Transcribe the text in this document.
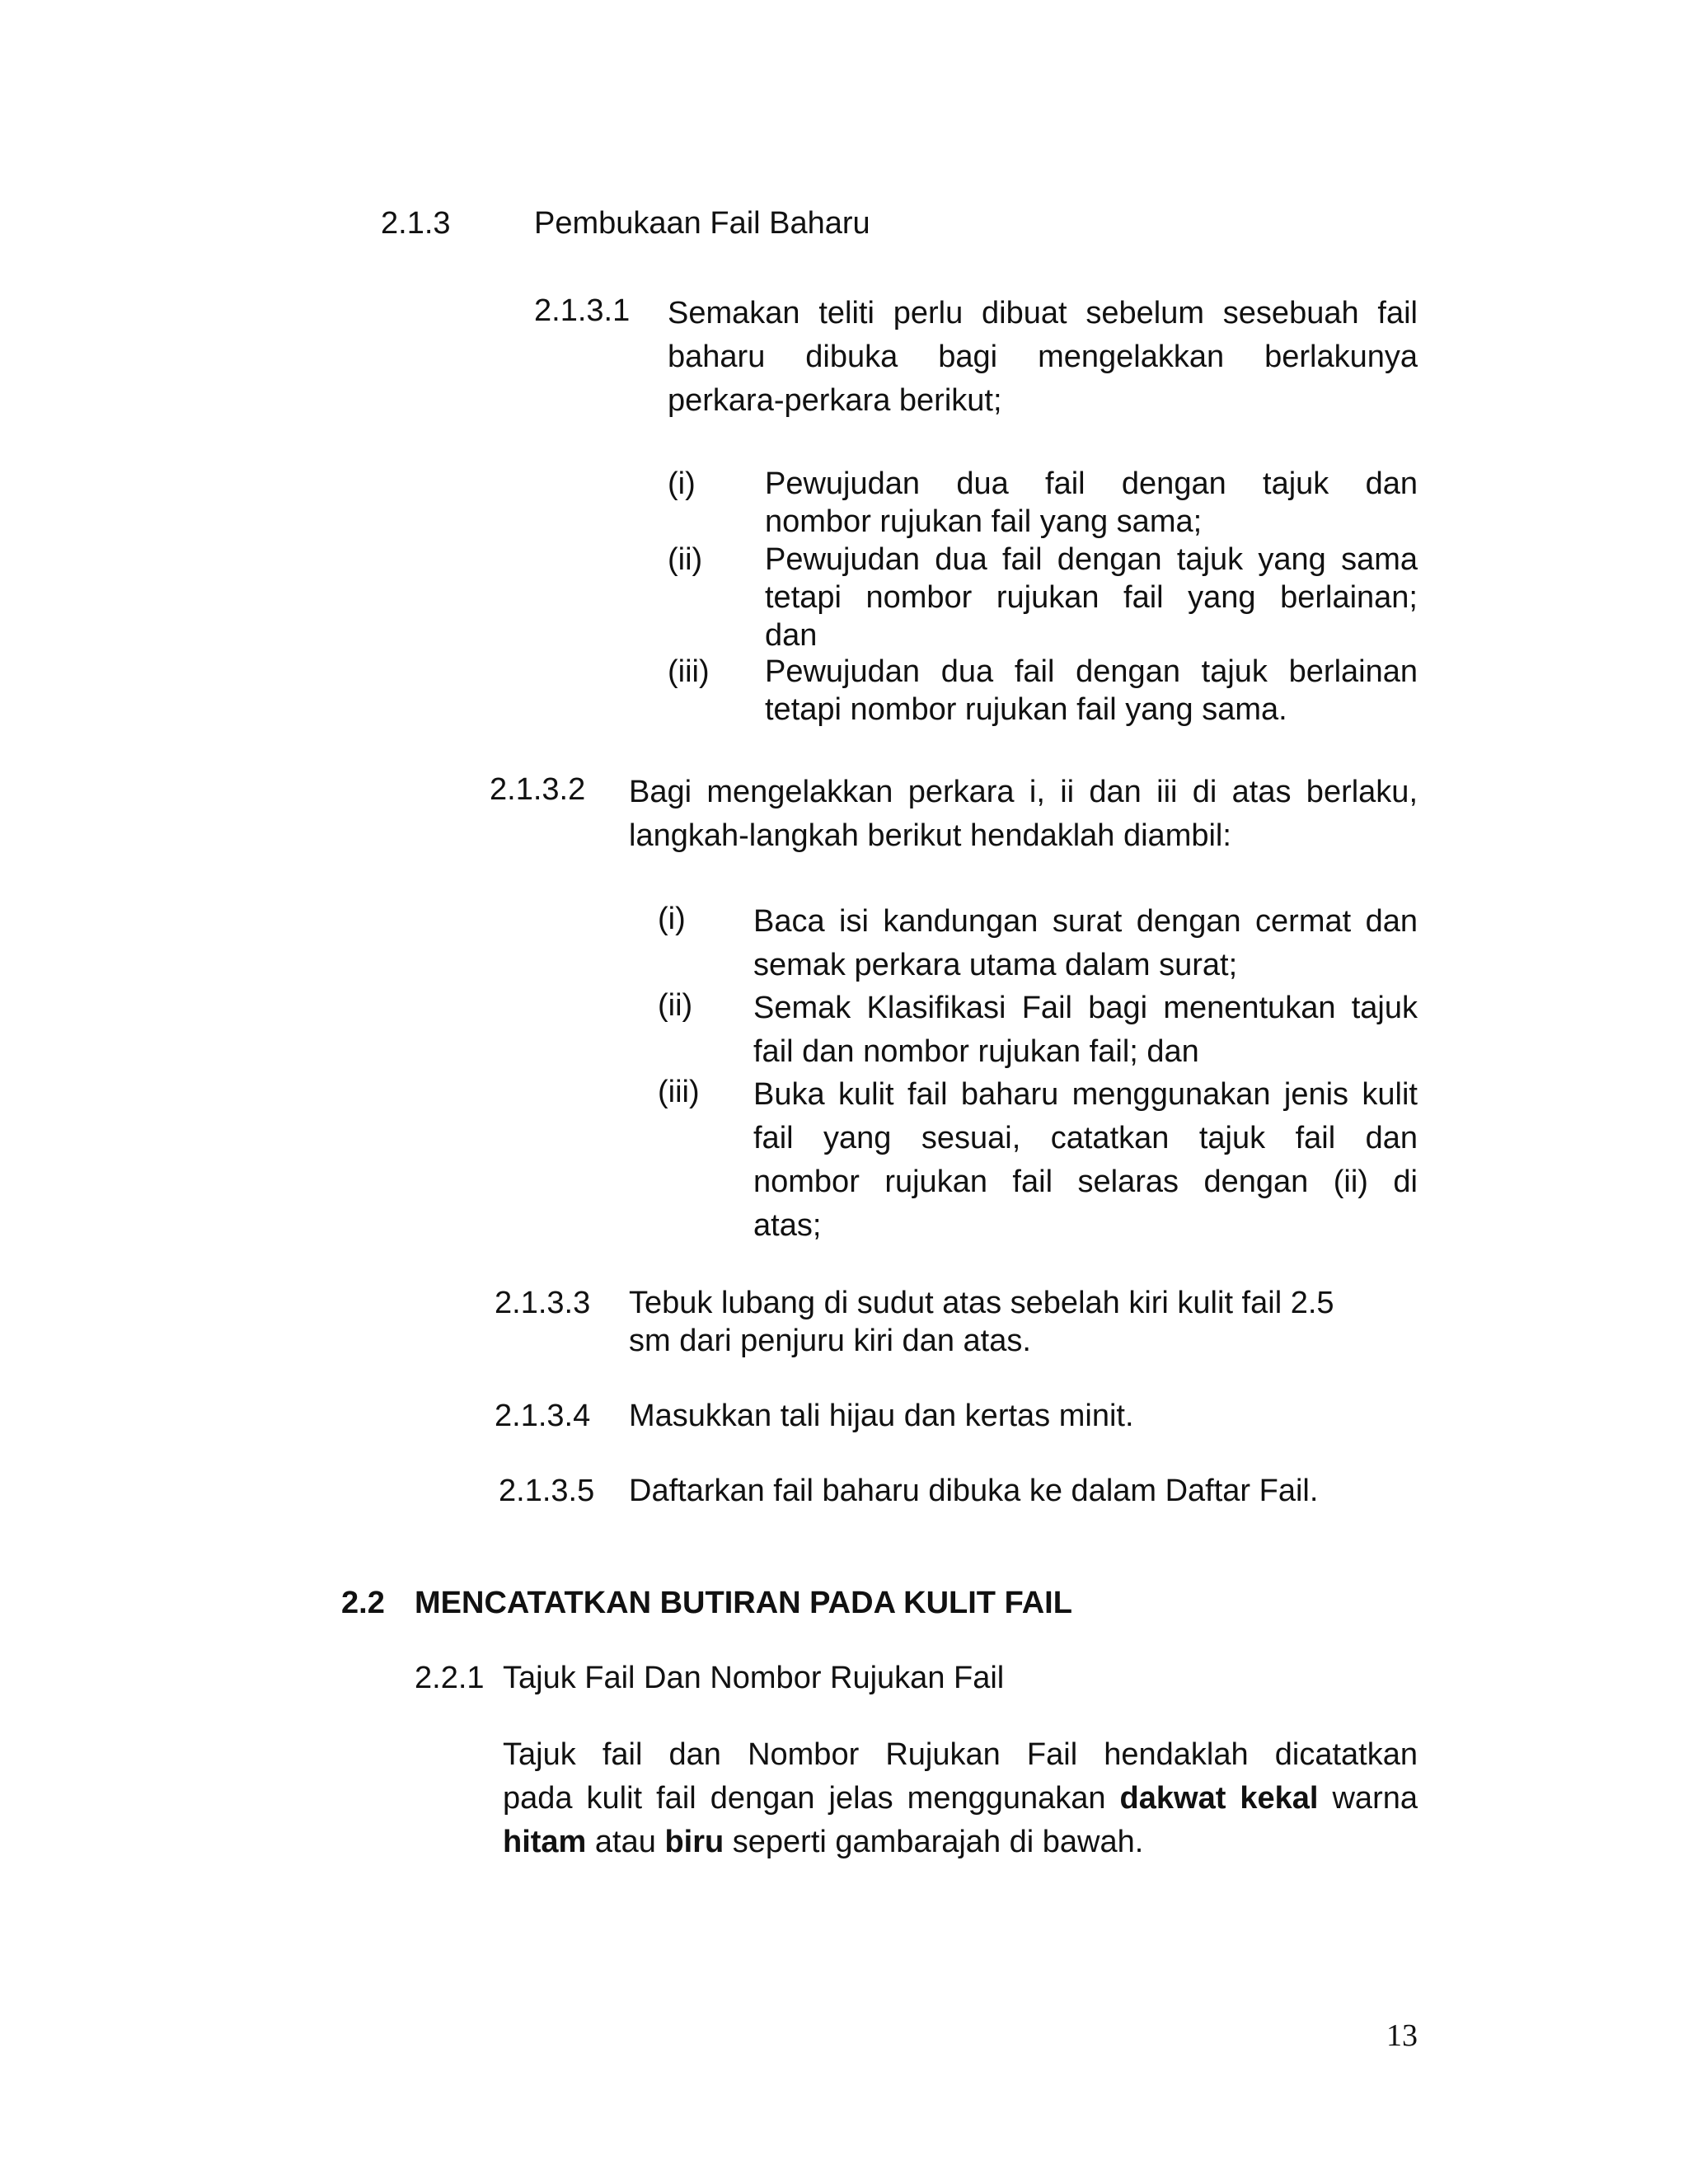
2.1.3	Pembukaan Fail Baharu
2.1.3.1 Semakan teliti perlu dibuat sebelum sesebuah fail
baharu dibuka bagi mengelakkan berlakunya
perkara-perkara berikut;
(i) Pewujudan dua fail dengan tajuk dan
nombor rujukan fail yang sama;
(ii) Pewujudan dua fail dengan tajuk yang sama
tetapi nombor rujukan fail yang berlainan;
dan
(iii) Pewujudan dua fail dengan tajuk berlainan
tetapi nombor rujukan fail yang sama.
2.1.3.2 Bagi mengelakkan perkara i, ii dan iii di atas berlaku,
langkah-langkah berikut hendaklah diambil:
(i) Baca isi kandungan surat dengan cermat dan
semak perkara utama dalam surat;
(ii) Semak Klasifikasi Fail bagi menentukan tajuk
fail dan nombor rujukan fail; dan
(iii) Buka kulit fail baharu menggunakan jenis kulit
fail yang sesuai, catatkan tajuk fail dan
nombor rujukan fail selaras dengan (ii) di
atas;
2.1.3.3 Tebuk lubang di sudut atas sebelah kiri kulit fail 2.5
sm dari penjuru kiri dan atas.
2.1.3.4 Masukkan tali hijau dan kertas minit.
2.1.3.5 Daftarkan fail baharu dibuka ke dalam Daftar Fail.
2.2 MENCATATKAN BUTIRAN PADA KULIT FAIL
2.2.1 Tajuk Fail Dan Nombor Rujukan Fail
Tajuk fail dan Nombor Rujukan Fail hendaklah dicatatkan
pada kulit fail dengan jelas menggunakan dakwat kekal warna
hitam atau biru seperti gambarajah di bawah.
13
